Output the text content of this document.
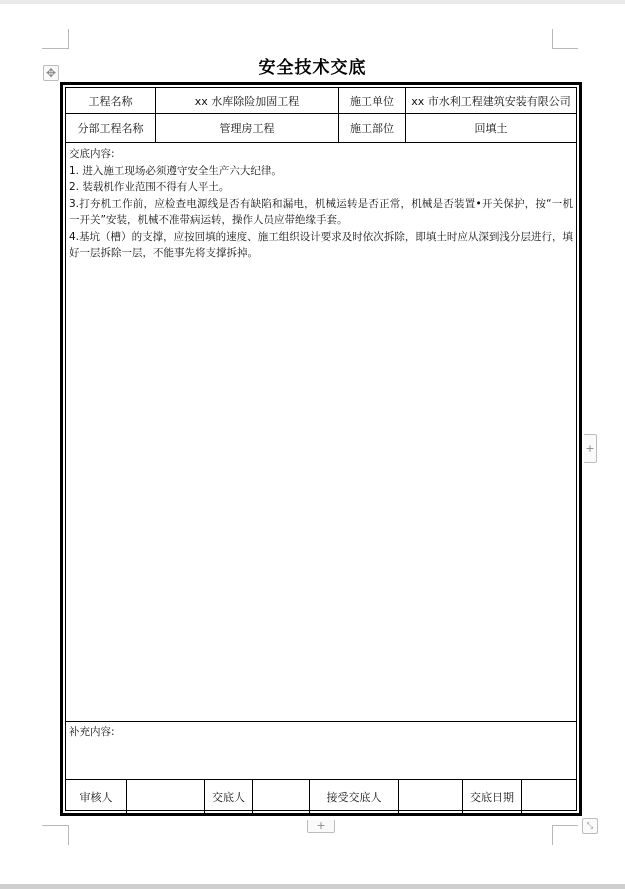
安全技术交底
✥
工程名称	xx 水库除险加固工程	施工单位	xx 市水利工程建筑安装有限公司
分部工程名称	管理房工程	施工部位	回填土

交底内容:

1. 进入施工现场必须遵守安全生产六大纪律。

2. 装载机作业范围不得有人平土。

3.打夯机工作前，应检查电源线是否有缺陷和漏电，机械运转是否正常，机械是否装置•开关保护，按“一机一开关”安装，机械不准带病运转，操作人员应带绝缘手套。

4.基坑（槽）的支撑，应按回填的速度、施工组织设计要求及时依次拆除，即填土时应从深到浅分层进行，填好一层拆除一层，不能事先将支撑拆掉。

补充内容:
审核人	交底人	接受交底人	交底日期
+
+	⤡
